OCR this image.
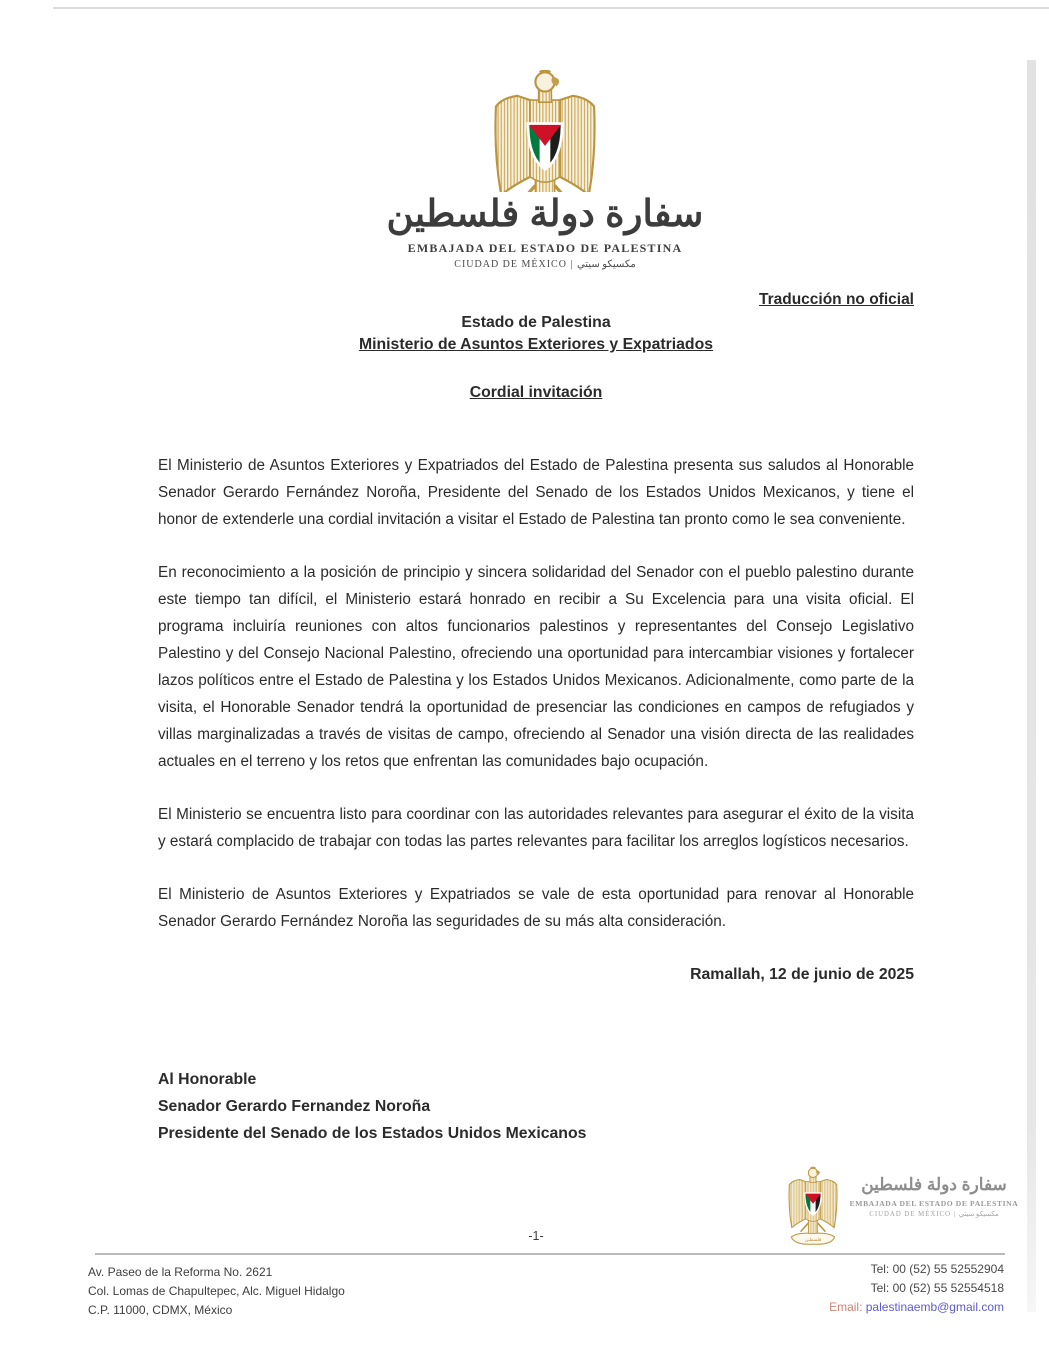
سفارة دولة فلسطين
EMBAJADA DEL ESTADO DE PALESTINA
CIUDAD DE MÉXICO | مكسيكو سيتي
Traducción no oficial
Estado de Palestina
Ministerio de Asuntos Exteriores y Expatriados
Cordial invitación

El Ministerio de Asuntos Exteriores y Expatriados del Estado de Palestina presenta sus saludos al Honorable Senador Gerardo Fernández Noroña, Presidente del Senado de los Estados Unidos Mexicanos, y tiene el honor de extenderle una cordial invitación a visitar el Estado de Palestina tan pronto como le sea conveniente.

En reconocimiento a la posición de principio y sincera solidaridad del Senador con el pueblo palestino durante este tiempo tan difícil, el Ministerio estará honrado en recibir a Su Excelencia para una visita oficial. El programa incluiría reuniones con altos funcionarios palestinos y representantes del Consejo Legislativo Palestino y del Consejo Nacional Palestino, ofreciendo una oportunidad para intercambiar visiones y fortalecer lazos políticos entre el Estado de Palestina y los Estados Unidos Mexicanos. Adicionalmente, como parte de la visita, el Honorable Senador tendrá la oportunidad de presenciar las condiciones en campos de refugiados y villas marginalizadas a través de visitas de campo, ofreciendo al Senador una visión directa de las realidades actuales en el terreno y los retos que enfrentan las comunidades bajo ocupación.

El Ministerio se encuentra listo para coordinar con las autoridades relevantes para asegurar el éxito de la visita y estará complacido de trabajar con todas las partes relevantes para facilitar los arreglos logísticos necesarios.

El Ministerio de Asuntos Exteriores y Expatriados se vale de esta oportunidad para renovar al Honorable Senador Gerardo Fernández Noroña las seguridades de su más alta consideración.

Ramallah, 12 de junio de 2025
Al Honorable
Senador Gerardo Fernandez Noroña
Presidente del Senado de los Estados Unidos Mexicanos
سفارة دولة فلسطين
EMBAJADA DEL ESTADO DE PALESTINA
CIUDAD DE MÉXICO | مكسيكو سيتي
-1-
Av. Paseo de la Reforma No. 2621
Col. Lomas de Chapultepec, Alc. Miguel Hidalgo
C.P. 11000, CDMX, México
Tel: 00 (52) 55 52552904
Tel: 00 (52) 55 52554518
Email: palestinaemb@gmail.com
